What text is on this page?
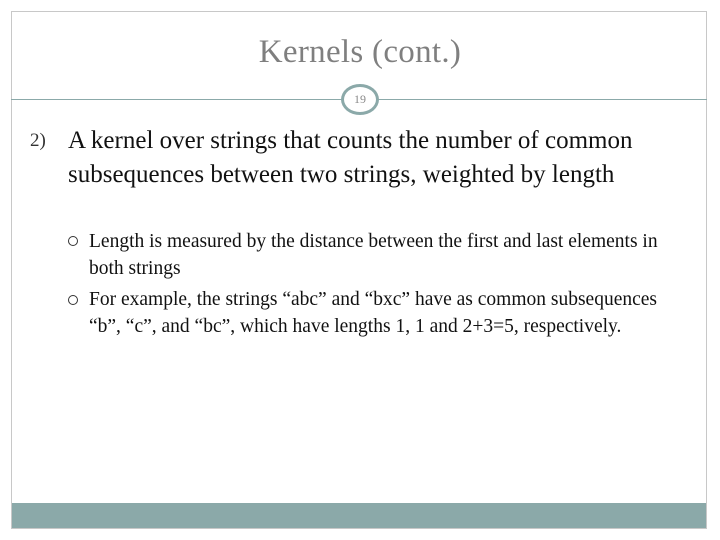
Kernels (cont.)
19
2) A kernel over strings that counts the number of common subsequences between two strings, weighted by length
Length is measured by the distance between the first and last elements in both strings
For example, the strings “abc” and “bxc” have as common subsequences “b”, “c”, and “bc”, which have lengths 1, 1 and 2+3=5, respectively.
